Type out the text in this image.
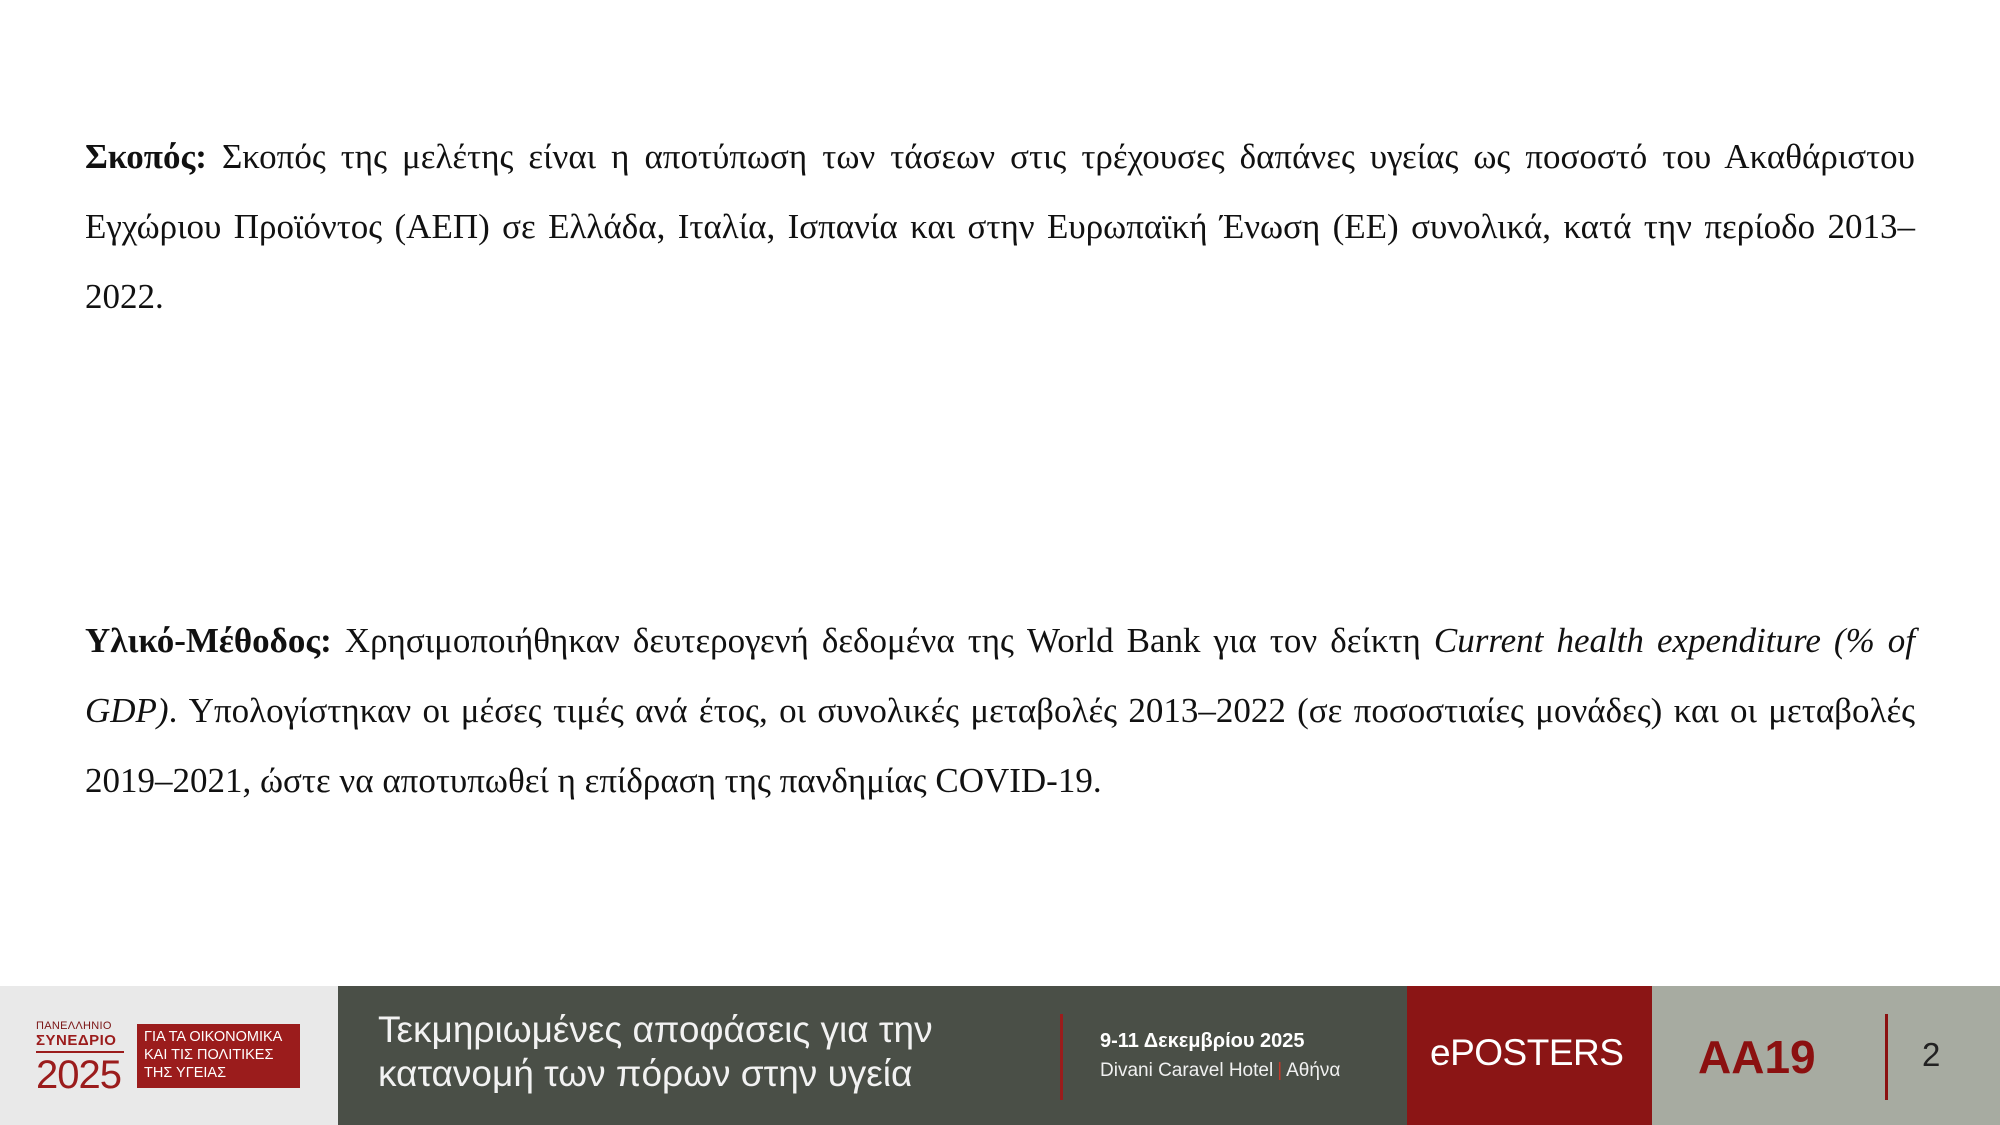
Σκοπός: Σκοπός της μελέτης είναι η αποτύπωση των τάσεων στις τρέχουσες δαπάνες υγείας ως ποσοστό του Ακαθάριστου Εγχώριου Προϊόντος (ΑΕΠ) σε Ελλάδα, Ιταλία, Ισπανία και στην Ευρωπαϊκή Ένωση (ΕΕ) συνολικά, κατά την περίοδο 2013–2022.

Υλικό-Μέθοδος: Χρησιμοποιήθηκαν δευτερογενή δεδομένα της World Bank για τον δείκτη Current health expenditure (% of GDP). Υπολογίστηκαν οι μέσες τιμές ανά έτος, οι συνολικές μεταβολές 2013–2022 (σε ποσοστιαίες μονάδες) και οι μεταβολές 2019–2021, ώστε να αποτυπωθεί η επίδραση της πανδημίας COVID-19.

ΠΑΝΕΛΛΗΝΙΟ
ΣΥΝΕΔΡΙΟ
2025
ΓΙΑ ΤΑ ΟΙΚΟΝΟΜΙΚΑ
ΚΑΙ ΤΙΣ ΠΟΛΙΤΙΚΕΣ
ΤΗΣ ΥΓΕΙΑΣ
Τεκμηριωμένες αποφάσεις για την
κατανομή των πόρων στην υγεία
9-11 Δεκεμβρίου 2025
Divani Caravel Hotel | Αθήνα ePOSTERS AA19	2
